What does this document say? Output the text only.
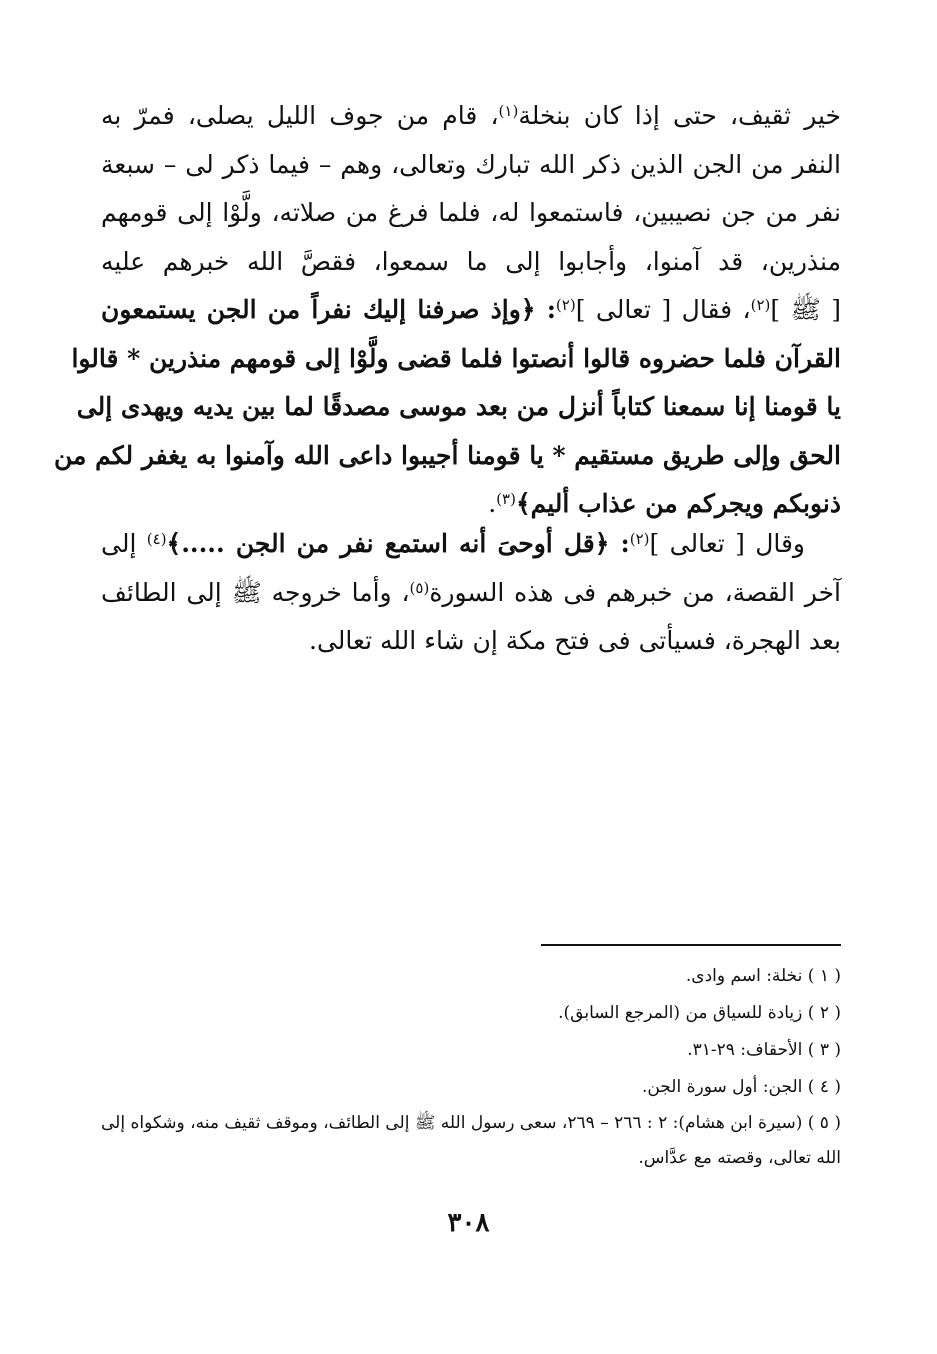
خير ثقيف، حتى إذا كان بنخلة$^{(١)}$، قام من جوف الليل يصلى، فمرّ به
النفر من الجن الذين ذكر الله تبارك وتعالى، وهم – فيما ذكر لى – سبعة
نفر من جن نصيبين، فاستمعوا له، فلما فرغ من صلاته، ولَّوْا إلى قومهم
منذرين، قد آمنوا، وأجابوا إلى ما سمعوا، فقصَّ الله خبرهم عليه
[ ﷺ ]$^{(٢)}$، فقال [ تعالى ]$^{(٢)}$: ﴿وإذ صرفنا إليك نفراً من الجن يستمعون
القرآن فلما حضروه قالوا أنصتوا فلما قضى ولَّوْا إلى قومهم منذرين * قالوا
يا قومنا إنا سمعنا كتاباً أنزل من بعد موسى مصدقًا لما بين يديه ويهدى إلى
الحق وإلى طريق مستقيم * يا قومنا أجيبوا داعى الله وآمنوا به يغفر لكم من
ذنوبكم ويجركم من عذاب أليم﴾$^{(٣)}$.
وقال [ تعالى ]$^{(٢)}$: ﴿قل أوحىَ أنه استمع نفر من الجن .....﴾$^{(٤)}$ إلى
آخر القصة، من خبرهم فى هذه السورة$^{(٥)}$، وأما خروجه ﷺ إلى الطائف
بعد الهجرة، فسيأتى فى فتح مكة إن شاء الله تعالى.
( ١ ) نخلة: اسم وادى.
( ٢ ) زيادة للسياق من (المرجع السابق).
( ٣ ) الأحقاف: ٢٩-٣١.
( ٤ ) الجن: أول سورة الجن.
( ٥ ) (سيرة ابن هشام): ٢ : ٢٦٦ – ٢٦٩، سعى رسول الله ﷺ إلى الطائف، وموقف ثقيف منه، وشكواه إلى الله تعالى، وقصته مع عدَّاس.
٣٠٨
